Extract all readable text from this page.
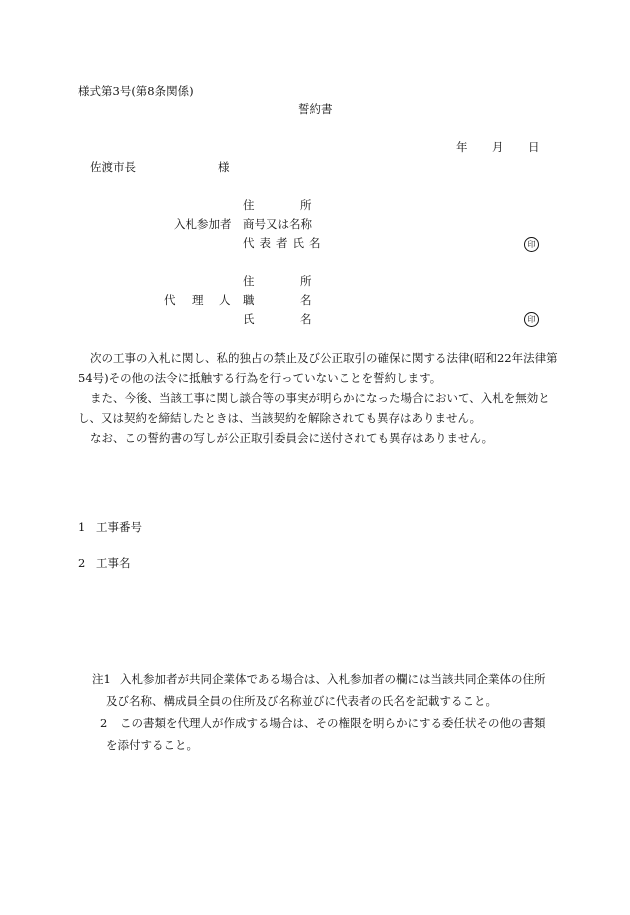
様式第3号(第8条関係)
誓約書
年 月 日
佐渡市長	様
住	所
入札参加者 商号又は名称
代表者氏名	印
住	所
代 理 人 職	名
氏	名	印

次の工事の入札に関し、私的独占の禁止及び公正取引の確保に関する法律(昭和22年法律第54号)その他の法令に抵触する行為を行っていないことを誓約します。

また、今後、当該工事に関し談合等の事実が明らかになった場合において、入札を無効とし、又は契約を締結したときは、当該契約を解除されても異存はありません。

なお、この誓約書の写しが公正取引委員会に送付されても異存はありません。

1 工事番号
2 工事名
注1 入札参加者が共同企業体である場合は、入札参加者の欄には当該共同企業体の住所
及び名称、構成員全員の住所及び名称並びに代表者の氏名を記載すること。
2 この書類を代理人が作成する場合は、その権限を明らかにする委任状その他の書類
を添付すること。
